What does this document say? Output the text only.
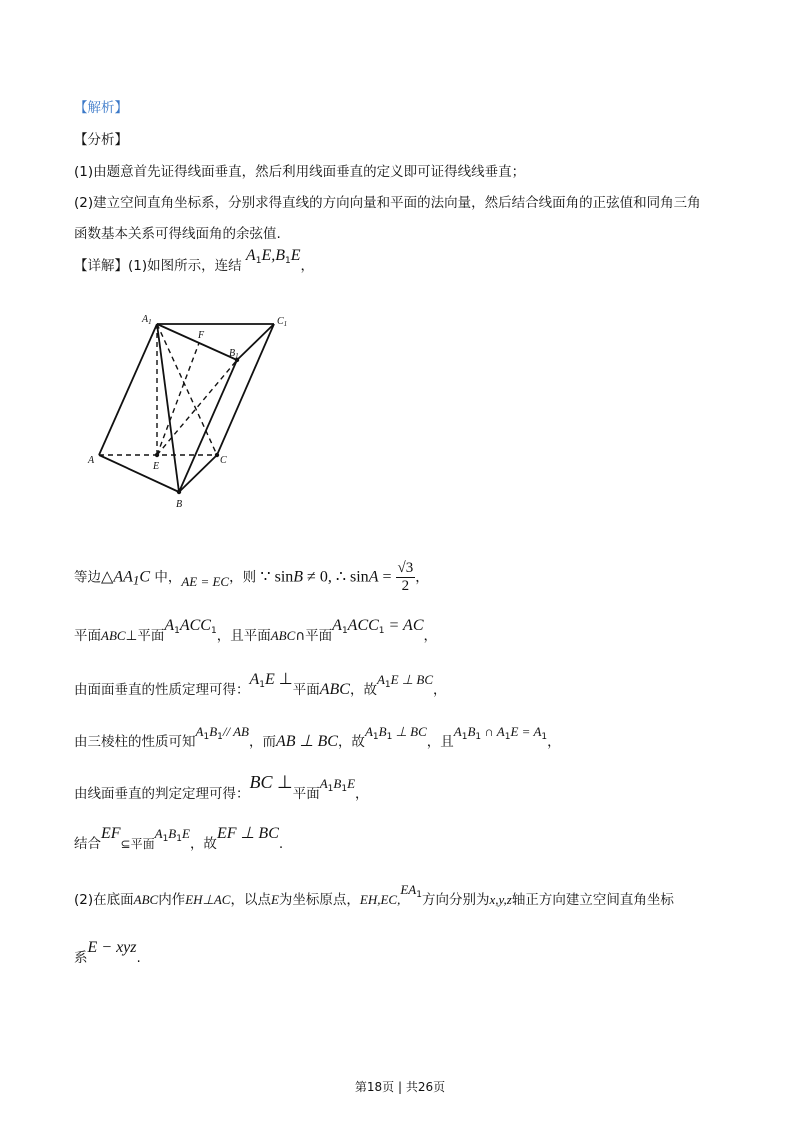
【解析】
【分析】
(1)由题意首先证得线面垂直，然后利用线面垂直的定义即可证得线线垂直；
(2)建立空间直角坐标系，分别求得直线的方向向量和平面的法向量，然后结合线面角的正弦值和同角三角
函数基本关系可得线面角的余弦值.
【详解】(1)如图所示，连结 $A_1E,B_1E$，
$A_1$	$C_1$
F
$B_1$
A
E
C
B
等边$\triangle AA_1C$ 中，AE = EC，则 ∵ sinB ≠ 0, ∴ $\sin A = \frac{√3}{2}$ ，
平面ABC⊥平面$A_1ACC_1$，且平面ABC∩平面$A_1ACC_1$ = AC，
由面面垂直的性质定理可得：$A_1E$ ⊥平面ABC，故$A_1E$ ⊥ BC，
由三棱柱的性质可知$A_1B_1//$ AB，而AB ⊥ BC，故$A_1B_1$ ⊥ BC，且$A_1B_1$ ∩ $A_1E = A_1$，
由线面垂直的判定定理可得：BC ⊥平面$A_1B_1E$，
结合EF⊆平面$A_1B_1E$，故EF ⊥ BC.
(2)在底面ABC内作EH⊥AC，以点E为坐标原点，$EH,EC,EA_1$方向分别为x,y,z轴正方向建立空间直角坐标
系E − xyz.
第18页 | 共26页
